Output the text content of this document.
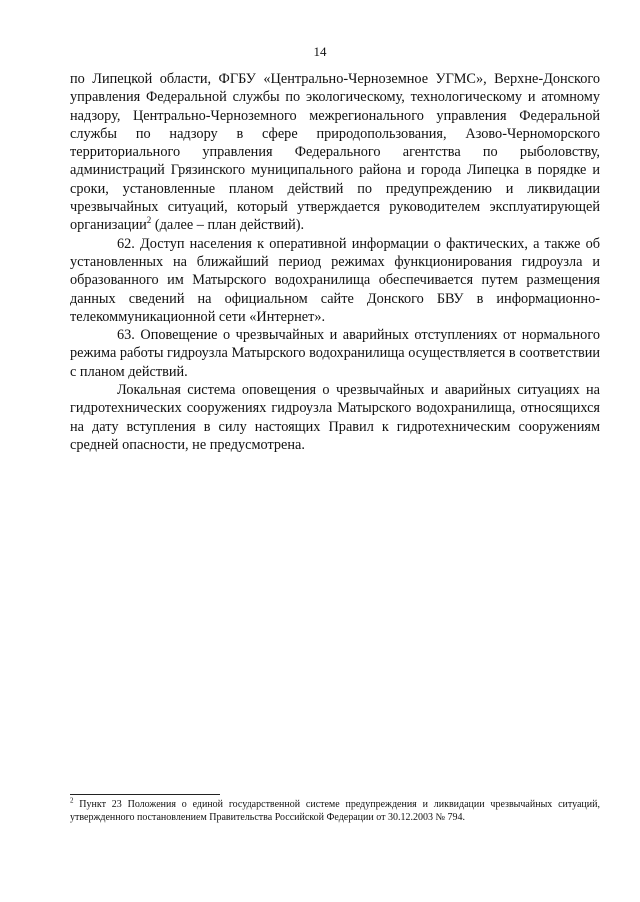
14

по Липецкой области, ФГБУ «Центрально-Черноземное УГМС», Верхне-Донского управления Федеральной службы по экологическому, технологическому и атомному надзору, Центрально-Черноземного межрегионального управления Федеральной службы по надзору в сфере природопользования, Азово-Черноморского территориального управления Федерального агентства по рыболовству, администраций Грязинского муниципального района и города Липецка в порядке и сроки, установленные планом действий по предупреждению и ликвидации чрезвычайных ситуаций, который утверждается руководителем эксплуатирующей организации$^2$ (далее – план действий).

62. Доступ населения к оперативной информации о фактических, а также об установленных на ближайший период режимах функционирования гидроузла и образованного им Матырского водохранилища обеспечивается путем размещения данных сведений на официальном сайте Донского БВУ в информационно-телекоммуникационной сети «Интернет».

63. Оповещение о чрезвычайных и аварийных отступлениях от нормального режима работы гидроузла Матырского водохранилища осуществляется в соответствии с планом действий.

Локальная система оповещения о чрезвычайных и аварийных ситуациях на гидротехнических сооружениях гидроузла Матырского водохранилища, относящихся на дату вступления в силу настоящих Правил к гидротехническим сооружениям средней опасности, не предусмотрена.

$^2$ Пункт 23 Положения о единой государственной системе предупреждения и ликвидации чрезвычайных ситуаций, утвержденного постановлением Правительства Российской Федерации от 30.12.2003 № 794.
